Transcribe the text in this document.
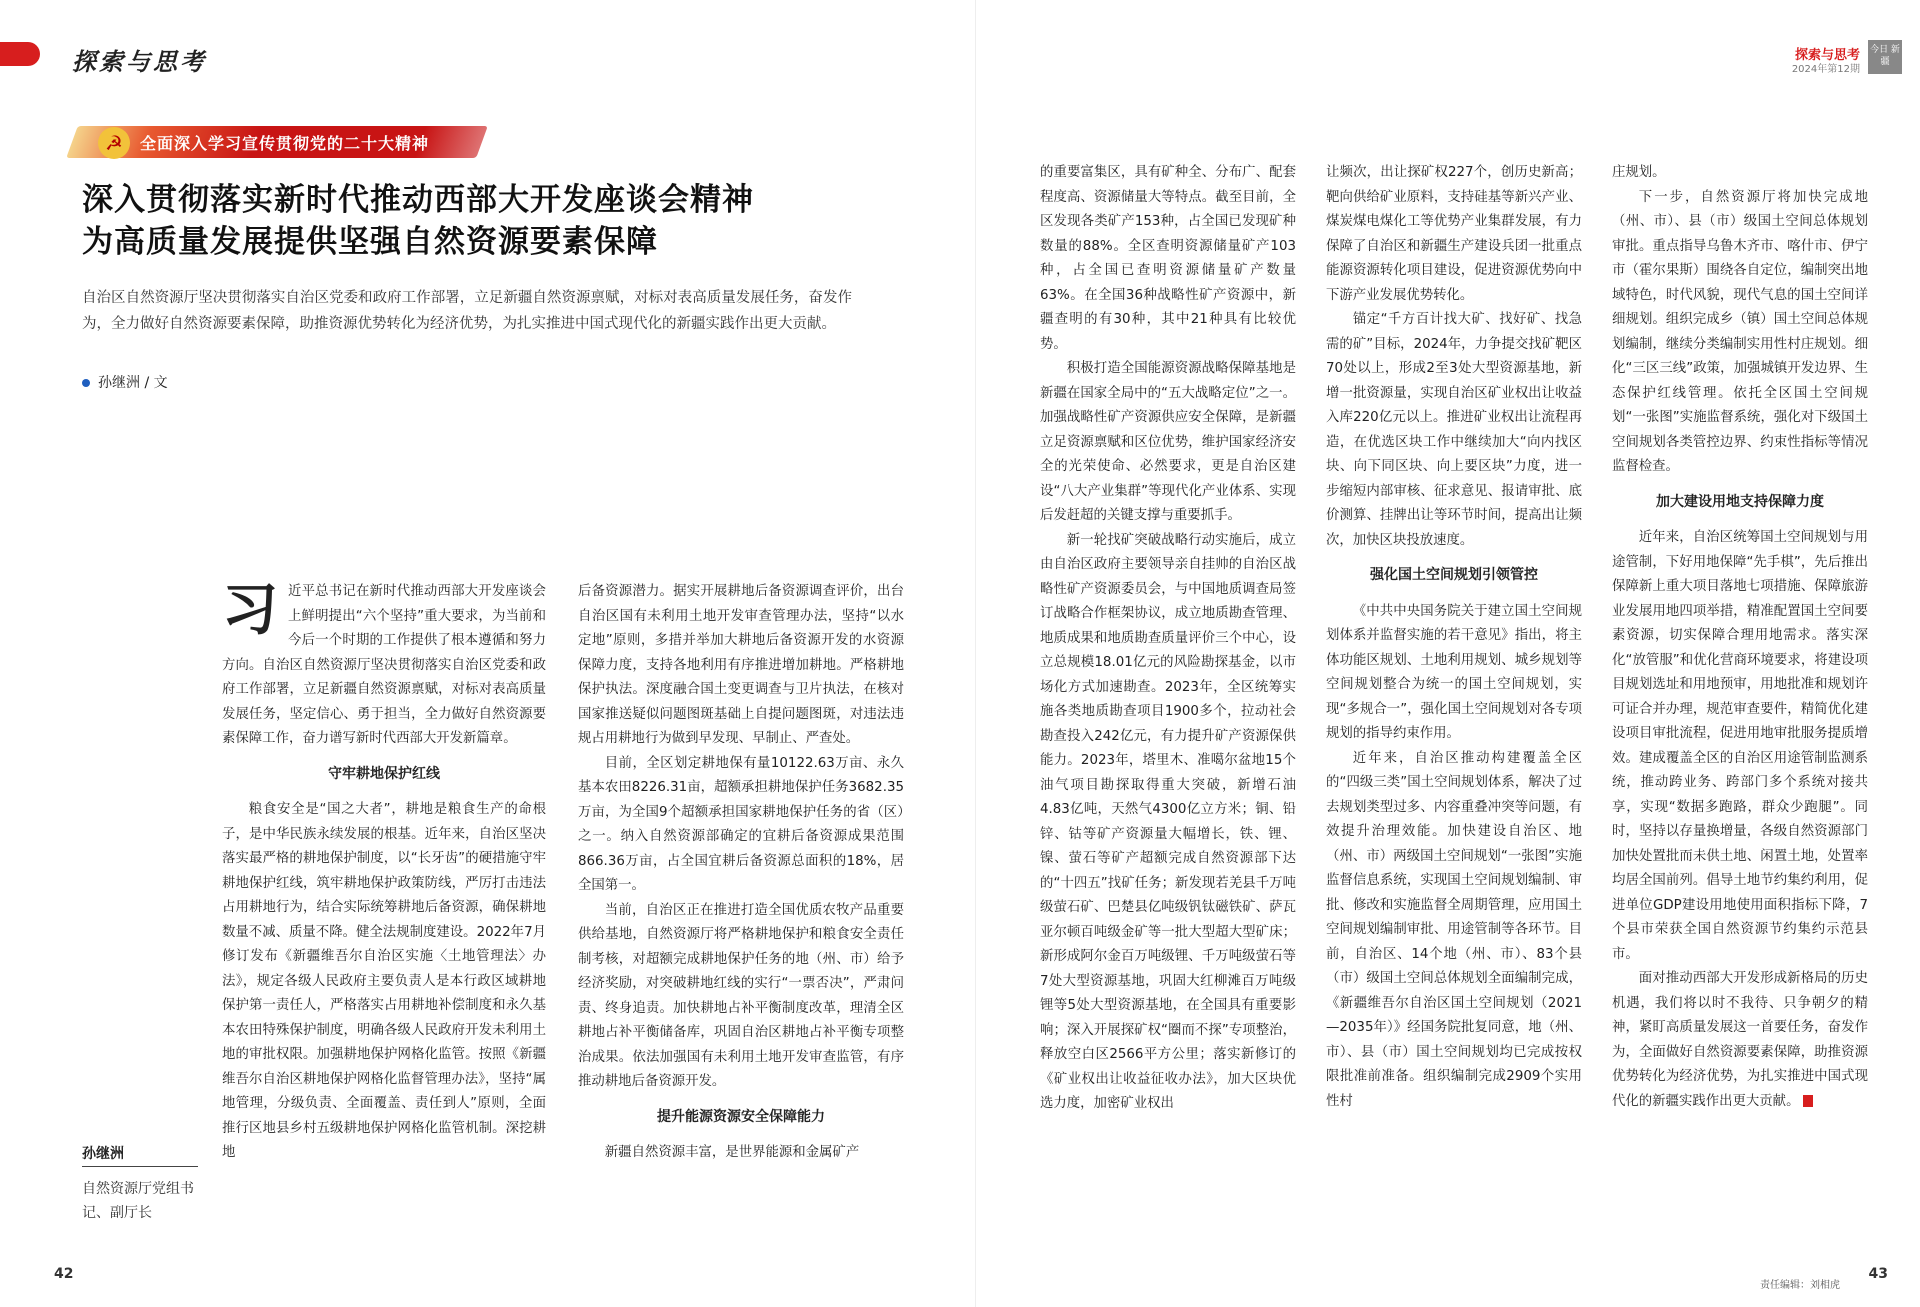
探索与思考	探索与思考
2024年第12期
今日 新疆
☭	全面深入学习宣传贯彻党的二十大精神
深入贯彻落实新时代推动西部大开发座谈会精神
为高质量发展提供坚强自然资源要素保障
自治区自然资源厅坚决贯彻落实自治区党委和政府工作部署，立足新疆自然资源禀赋，对标对表高质量发展任务，奋发作为，全力做好自然资源要素保障，助推资源优势转化为经济优势，为扎实推进中国式现代化的新疆实践作出更大贡献。
孙继洲 / 文
孙继洲
自然资源厅党组书记、副厅长
习 近平总书记在新时代推动西部大开发座谈会上鲜明提出“六个坚持”重大要求，为当前和今后一个时期的工作提供了根本遵循和努力方向。自治区自然资源厅坚决贯彻落实自治区党委和政府工作部署，立足新疆自然资源禀赋，对标对表高质量发展任务，坚定信心、勇于担当，全力做好自然资源要素保障工作，奋力谱写新时代西部大开发新篇章。

守牢耕地保护红线

粮食安全是“国之大者”，耕地是粮食生产的命根子，是中华民族永续发展的根基。近年来，自治区坚决落实最严格的耕地保护制度，以“长牙齿”的硬措施守牢耕地保护红线，筑牢耕地保护政策防线，严厉打击违法占用耕地行为，结合实际统筹耕地后备资源，确保耕地数量不减、质量不降。健全法规制度建设。2022年7月修订发布《新疆维吾尔自治区实施〈土地管理法〉办法》，规定各级人民政府主要负责人是本行政区域耕地保护第一责任人，严格落实占用耕地补偿制度和永久基本农田特殊保护制度，明确各级人民政府开发未利用土地的审批权限。加强耕地保护网格化监管。按照《新疆维吾尔自治区耕地保护网格化监督管理办法》，坚持“属地管理，分级负责、全面覆盖、责任到人”原则，全面推行区地县乡村五级耕地保护网格化监管机制。深挖耕地

后备资源潜力。据实开展耕地后备资源调查评价，出台自治区国有未利用土地开发审查管理办法，坚持“以水定地”原则，多措并举加大耕地后备资源开发的水资源保障力度，支持各地利用有序推进增加耕地。严格耕地保护执法。深度融合国土变更调查与卫片执法，在核对国家推送疑似问题图斑基础上自提问题图斑，对违法违规占用耕地行为做到早发现、早制止、严查处。

目前，全区划定耕地保有量10122.63万亩、永久基本农田8226.31亩，超额承担耕地保护任务3682.35万亩，为全国9个超额承担国家耕地保护任务的省（区）之一。纳入自然资源部确定的宜耕后备资源成果范围866.36万亩，占全国宜耕后备资源总面积的18%，居全国第一。

当前，自治区正在推进打造全国优质农牧产品重要供给基地，自然资源厅将严格耕地保护和粮食安全责任制考核，对超额完成耕地保护任务的地（州、市）给予经济奖励，对突破耕地红线的实行“一票否决”，严肃问责、终身追责。加快耕地占补平衡制度改革，理清全区耕地占补平衡储备库，巩固自治区耕地占补平衡专项整治成果。依法加强国有未利用土地开发审查监管，有序推动耕地后备资源开发。

提升能源资源安全保障能力

新疆自然资源丰富，是世界能源和金属矿产

的重要富集区，具有矿种全、分布广、配套程度高、资源储量大等特点。截至目前，全区发现各类矿产153种，占全国已发现矿种数量的88%。全区查明资源储量矿产103种，占全国已查明资源储量矿产数量63%。在全国36种战略性矿产资源中，新疆查明的有30种，其中21种具有比较优势。

积极打造全国能源资源战略保障基地是新疆在国家全局中的“五大战略定位”之一。加强战略性矿产资源供应安全保障，是新疆立足资源禀赋和区位优势，维护国家经济安全的光荣使命、必然要求，更是自治区建设“八大产业集群”等现代化产业体系、实现后发赶超的关键支撑与重要抓手。

新一轮找矿突破战略行动实施后，成立由自治区政府主要领导亲自挂帅的自治区战略性矿产资源委员会，与中国地质调查局签订战略合作框架协议，成立地质勘查管理、地质成果和地质勘查质量评价三个中心，设立总规模18.01亿元的风险勘探基金，以市场化方式加速勘查。2023年，全区统筹实施各类地质勘查项目1900多个，拉动社会勘查投入242亿元，有力提升矿产资源保供能力。2023年，塔里木、准噶尔盆地15个油气项目勘探取得重大突破，新增石油4.83亿吨，天然气4300亿立方米；铜、铅锌、钴等矿产资源量大幅增长，铁、锂、镍、萤石等矿产超额完成自然资源部下达的“十四五”找矿任务；新发现若羌县千万吨级萤石矿、巴楚县亿吨级钒钛磁铁矿、萨瓦亚尔顿百吨级金矿等一批大型超大型矿床；新形成阿尔金百万吨级锂、千万吨级萤石等7处大型资源基地，巩固大红柳滩百万吨级锂等5处大型资源基地，在全国具有重要影响；深入开展探矿权“圈而不探”专项整治，释放空白区2566平方公里；落实新修订的《矿业权出让收益征收办法》，加大区块优选力度，加密矿业权出

让频次，出让探矿权227个，创历史新高；靶向供给矿业原料，支持硅基等新兴产业、煤炭煤电煤化工等优势产业集群发展，有力保障了自治区和新疆生产建设兵团一批重点能源资源转化项目建设，促进资源优势向中下游产业发展优势转化。

锚定“千方百计找大矿、找好矿、找急需的矿”目标，2024年，力争提交找矿靶区70处以上，形成2至3处大型资源基地，新增一批资源量，实现自治区矿业权出让收益入库220亿元以上。推进矿业权出让流程再造，在优选区块工作中继续加大“向内找区块、向下同区块、向上要区块”力度，进一步缩短内部审核、征求意见、报请审批、底价测算、挂牌出让等环节时间，提高出让频次，加快区块投放速度。

强化国土空间规划引领管控

《中共中央国务院关于建立国土空间规划体系并监督实施的若干意见》指出，将主体功能区规划、土地利用规划、城乡规划等空间规划整合为统一的国土空间规划，实现“多规合一”，强化国土空间规划对各专项规划的指导约束作用。

近年来，自治区推动构建覆盖全区的“四级三类”国土空间规划体系，解决了过去规划类型过多、内容重叠冲突等问题，有效提升治理效能。加快建设自治区、地（州、市）两级国土空间规划“一张图”实施监督信息系统，实现国土空间规划编制、审批、修改和实施监督全周期管理，应用国土空间规划编制审批、用途管制等各环节。目前，自治区、14个地（州、市）、83个县（市）级国土空间总体规划全面编制完成，《新疆维吾尔自治区国土空间规划（2021—2035年）》经国务院批复同意，地（州、市）、县（市）国土空间规划均已完成按权限批准前准备。组织编制完成2909个实用性村

庄规划。

下一步，自然资源厅将加快完成地（州、市）、县（市）级国土空间总体规划审批。重点指导乌鲁木齐市、喀什市、伊宁市（霍尔果斯）围绕各自定位，编制突出地域特色，时代风貌，现代气息的国土空间详细规划。组织完成乡（镇）国土空间总体规划编制，继续分类编制实用性村庄规划。细化“三区三线”政策，加强城镇开发边界、生态保护红线管理。依托全区国土空间规划“一张图”实施监督系统，强化对下级国土空间规划各类管控边界、约束性指标等情况监督检查。

加大建设用地支持保障力度

近年来，自治区统筹国土空间规划与用途管制，下好用地保障“先手棋”，先后推出保障新上重大项目落地七项措施、保障旅游业发展用地四项举措，精准配置国土空间要素资源，切实保障合理用地需求。落实深化“放管服”和优化营商环境要求，将建设项目规划选址和用地预审，用地批准和规划许可证合并办理，规范审查要件，精简优化建设项目审批流程，促进用地审批服务提质增效。建成覆盖全区的自治区用途管制监测系统，推动跨业务、跨部门多个系统对接共享，实现“数据多跑路，群众少跑腿”。同时，坚持以存量换增量，各级自然资源部门加快处置批而未供土地、闲置土地，处置率均居全国前列。倡导土地节约集约利用，促进单位GDP建设用地使用面积指标下降，7个县市荣获全国自然资源节约集约示范县市。

面对推动西部大开发形成新格局的历史机遇，我们将以时不我待、只争朝夕的精神，紧盯高质量发展这一首要任务，奋发作为，全面做好自然资源要素保障，助推资源优势转化为经济优势，为扎实推进中国式现代化的新疆实践作出更大贡献。

42	43
责任编辑：刘相虎
